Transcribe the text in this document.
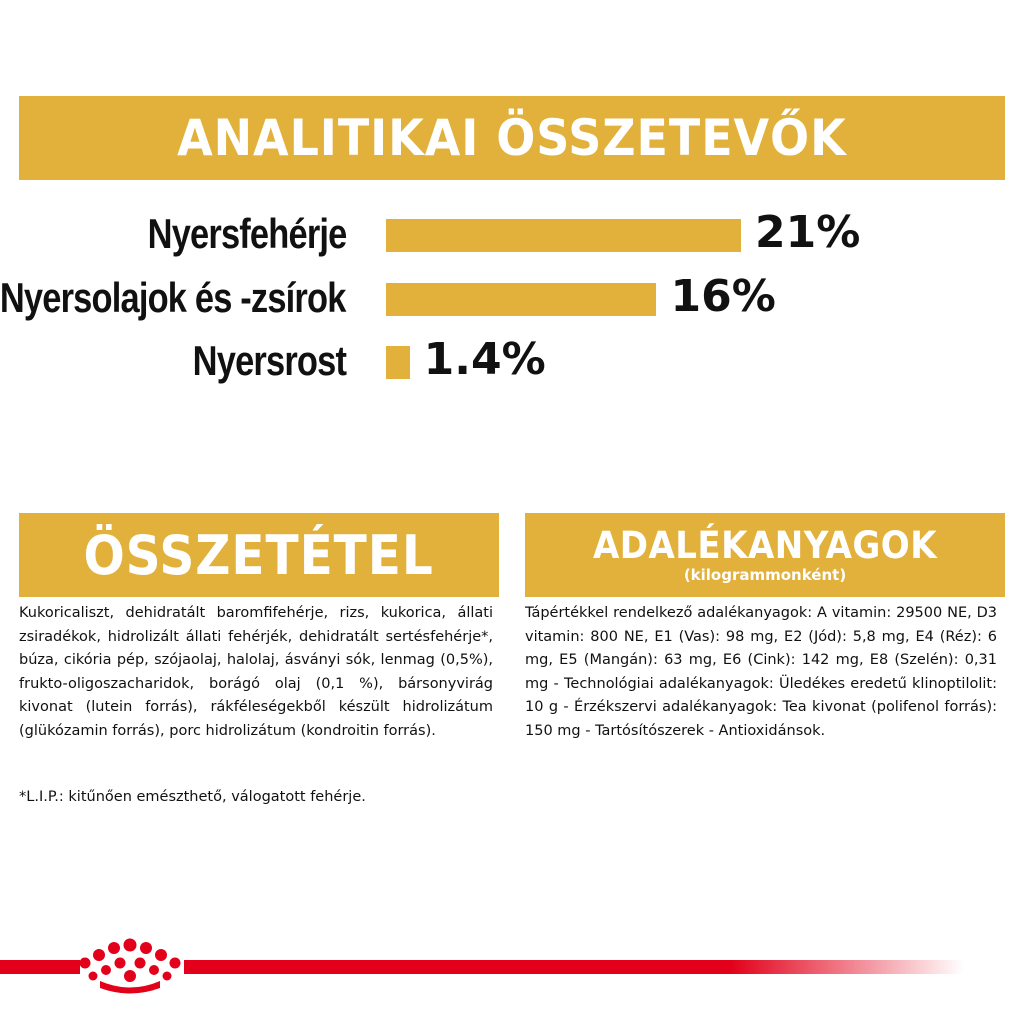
ANALITIKAI ÖSSZETEVŐK
Nyersfehérje	21%
Nyersolajok és -zsírok	16%
Nyersrost 1.4%
ÖSSZETÉTEL	ADALÉKANYAGOK
(kilogrammonként)
Kukoricaliszt, dehidratált baromfifehérje, rizs, kukorica, állati zsiradékok, hidrolizált állati fehérjék, dehidratált sertésfehérje*, búza, cikória pép, szójaolaj, halolaj, ásványi sók, lenmag (0,5%), frukto-oligoszacharidok, borágó olaj (0,1 %), bársonyvirág kivonat (lutein forrás), rákféleségekből készült hidrolizátum (glükózamin forrás), porc hidrolizátum (kondroitin forrás).
*L.I.P.: kitűnően emészthető, válogatott fehérje.
Tápértékkel rendelkező adalékanyagok: A vitamin: 29500 NE, D3 vitamin: 800 NE, E1 (Vas): 98 mg, E2 (Jód): 5,8 mg, E4 (Réz): 6 mg, E5 (Mangán): 63 mg, E6 (Cink): 142 mg, E8 (Szelén): 0,31 mg - Technológiai adalékanyagok: Üledékes eredetű klinoptilolit: 10 g - Érzékszervi adalékanyagok: Tea kivonat (polifenol forrás): 150 mg - Tartósítószerek - Antioxidánsok.
